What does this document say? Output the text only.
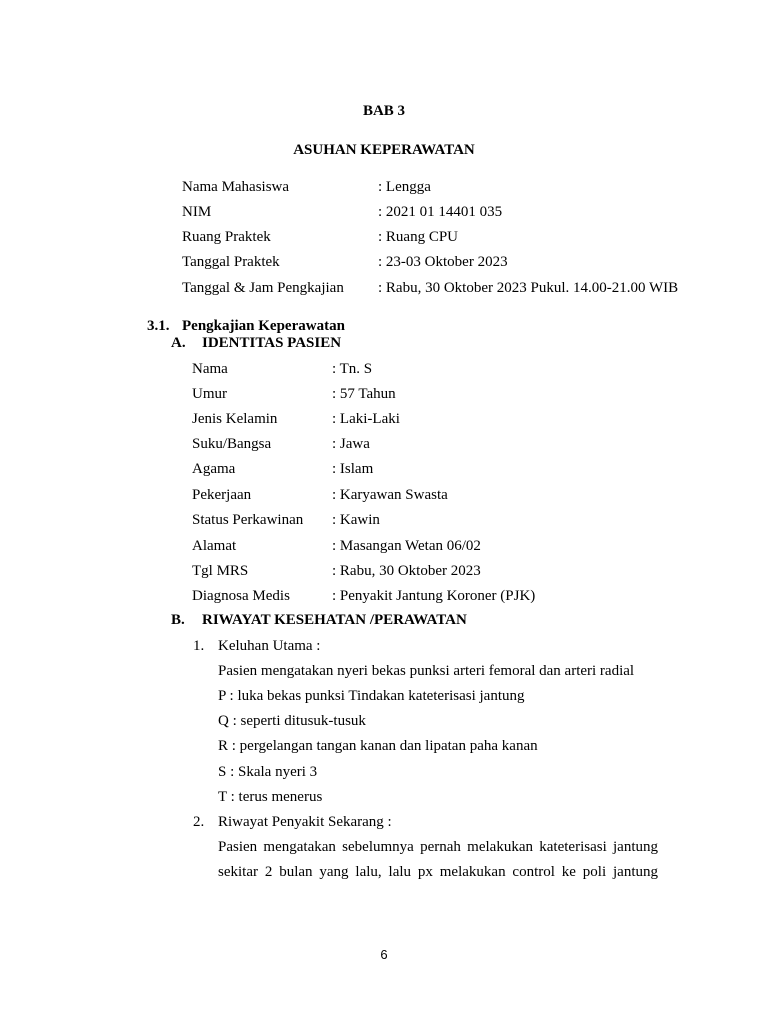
BAB 3
ASUHAN KEPERAWATAN
Nama Mahasiswa	: Lengga
NIM	: 2021 01 14401 035
Ruang Praktek	: Ruang CPU
Tanggal Praktek	: 23-03 Oktober 2023
Tanggal & Jam Pengkajian : Rabu, 30 Oktober 2023 Pukul. 14.00-21.00 WIB
3.1. Pengkajian Keperawatan
A. IDENTITAS PASIEN
Nama	: Tn. S
Umur	: 57 Tahun
Jenis Kelamin	: Laki-Laki
Suku/Bangsa	: Jawa
Agama	: Islam
Pekerjaan	: Karyawan Swasta
Status Perkawinan : Kawin
Alamat	: Masangan Wetan 06/02
Tgl MRS	: Rabu, 30 Oktober 2023
Diagnosa Medis	: Penyakit Jantung Koroner (PJK)
B. RIWAYAT KESEHATAN /PERAWATAN
1. Keluhan Utama :
Pasien mengatakan nyeri bekas punksi arteri femoral dan arteri radial
P : luka bekas punksi Tindakan kateterisasi jantung
Q : seperti ditusuk-tusuk
R : pergelangan tangan kanan dan lipatan paha kanan
S : Skala nyeri 3
T : terus menerus
2. Riwayat Penyakit Sekarang :
Pasien mengatakan sebelumnya pernah melakukan kateterisasi jantung
sekitar 2 bulan yang lalu, lalu px melakukan control ke poli jantung
6
